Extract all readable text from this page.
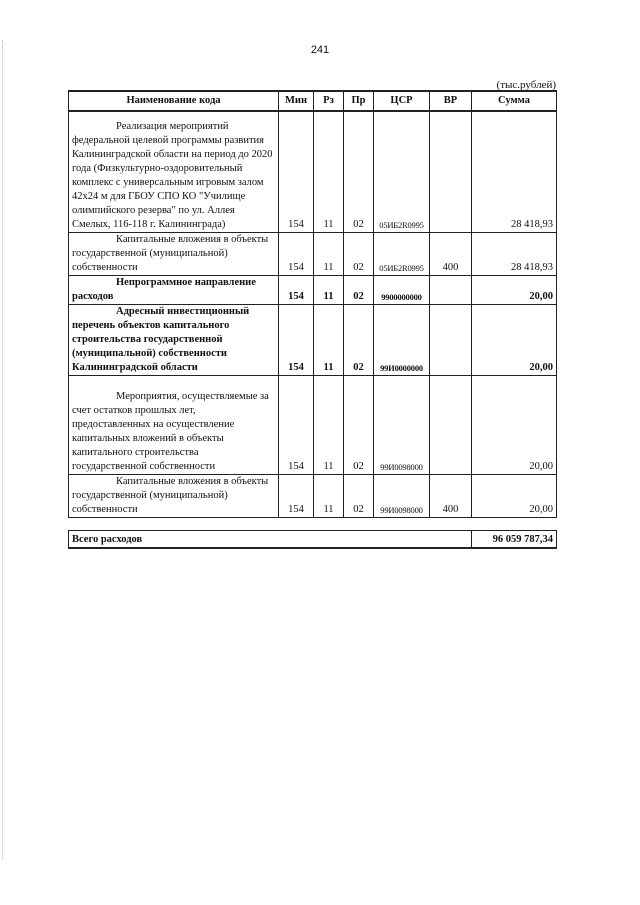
241
(тыс.рублей)
Наименование кода	Мин	Рз	Пр	ЦСР	ВР	Сумма
Реализация мероприятий федеральной целевой программы развития Калининградской области на период до 2020 года (Физкультурно-оздоровительный комплекс с универсальным игровым залом 42х24 м для ГБОУ СПО КО "Училище олимпийского резерва" по ул. Аллея Смелых, 116-118 г. Калининграда)	154	11	02	05ИБ2R0995		28 418,93
Капитальные вложения в объекты государственной (муниципальной) собственности	154	11	02	05ИБ2R0995	400	28 418,93
Непрограммное направление расходов	154	11	02	9900000000		20,00
Адресный инвестиционный перечень объектов капитального строительства государственной (муниципальной) собственности Калининградской области	154	11	02	99И0000000		20,00
Мероприятия, осуществляемые за счет остатков прошлых лет, предоставленных на осуществление капитальных вложений в объекты капитального строительства государственной собственности	154	11	02	99И0098000		20,00
Капитальные вложения в объекты государственной (муниципальной) собственности	154	11	02	99И0098000	400	20,00

Всего расходов						96 059 787,34
